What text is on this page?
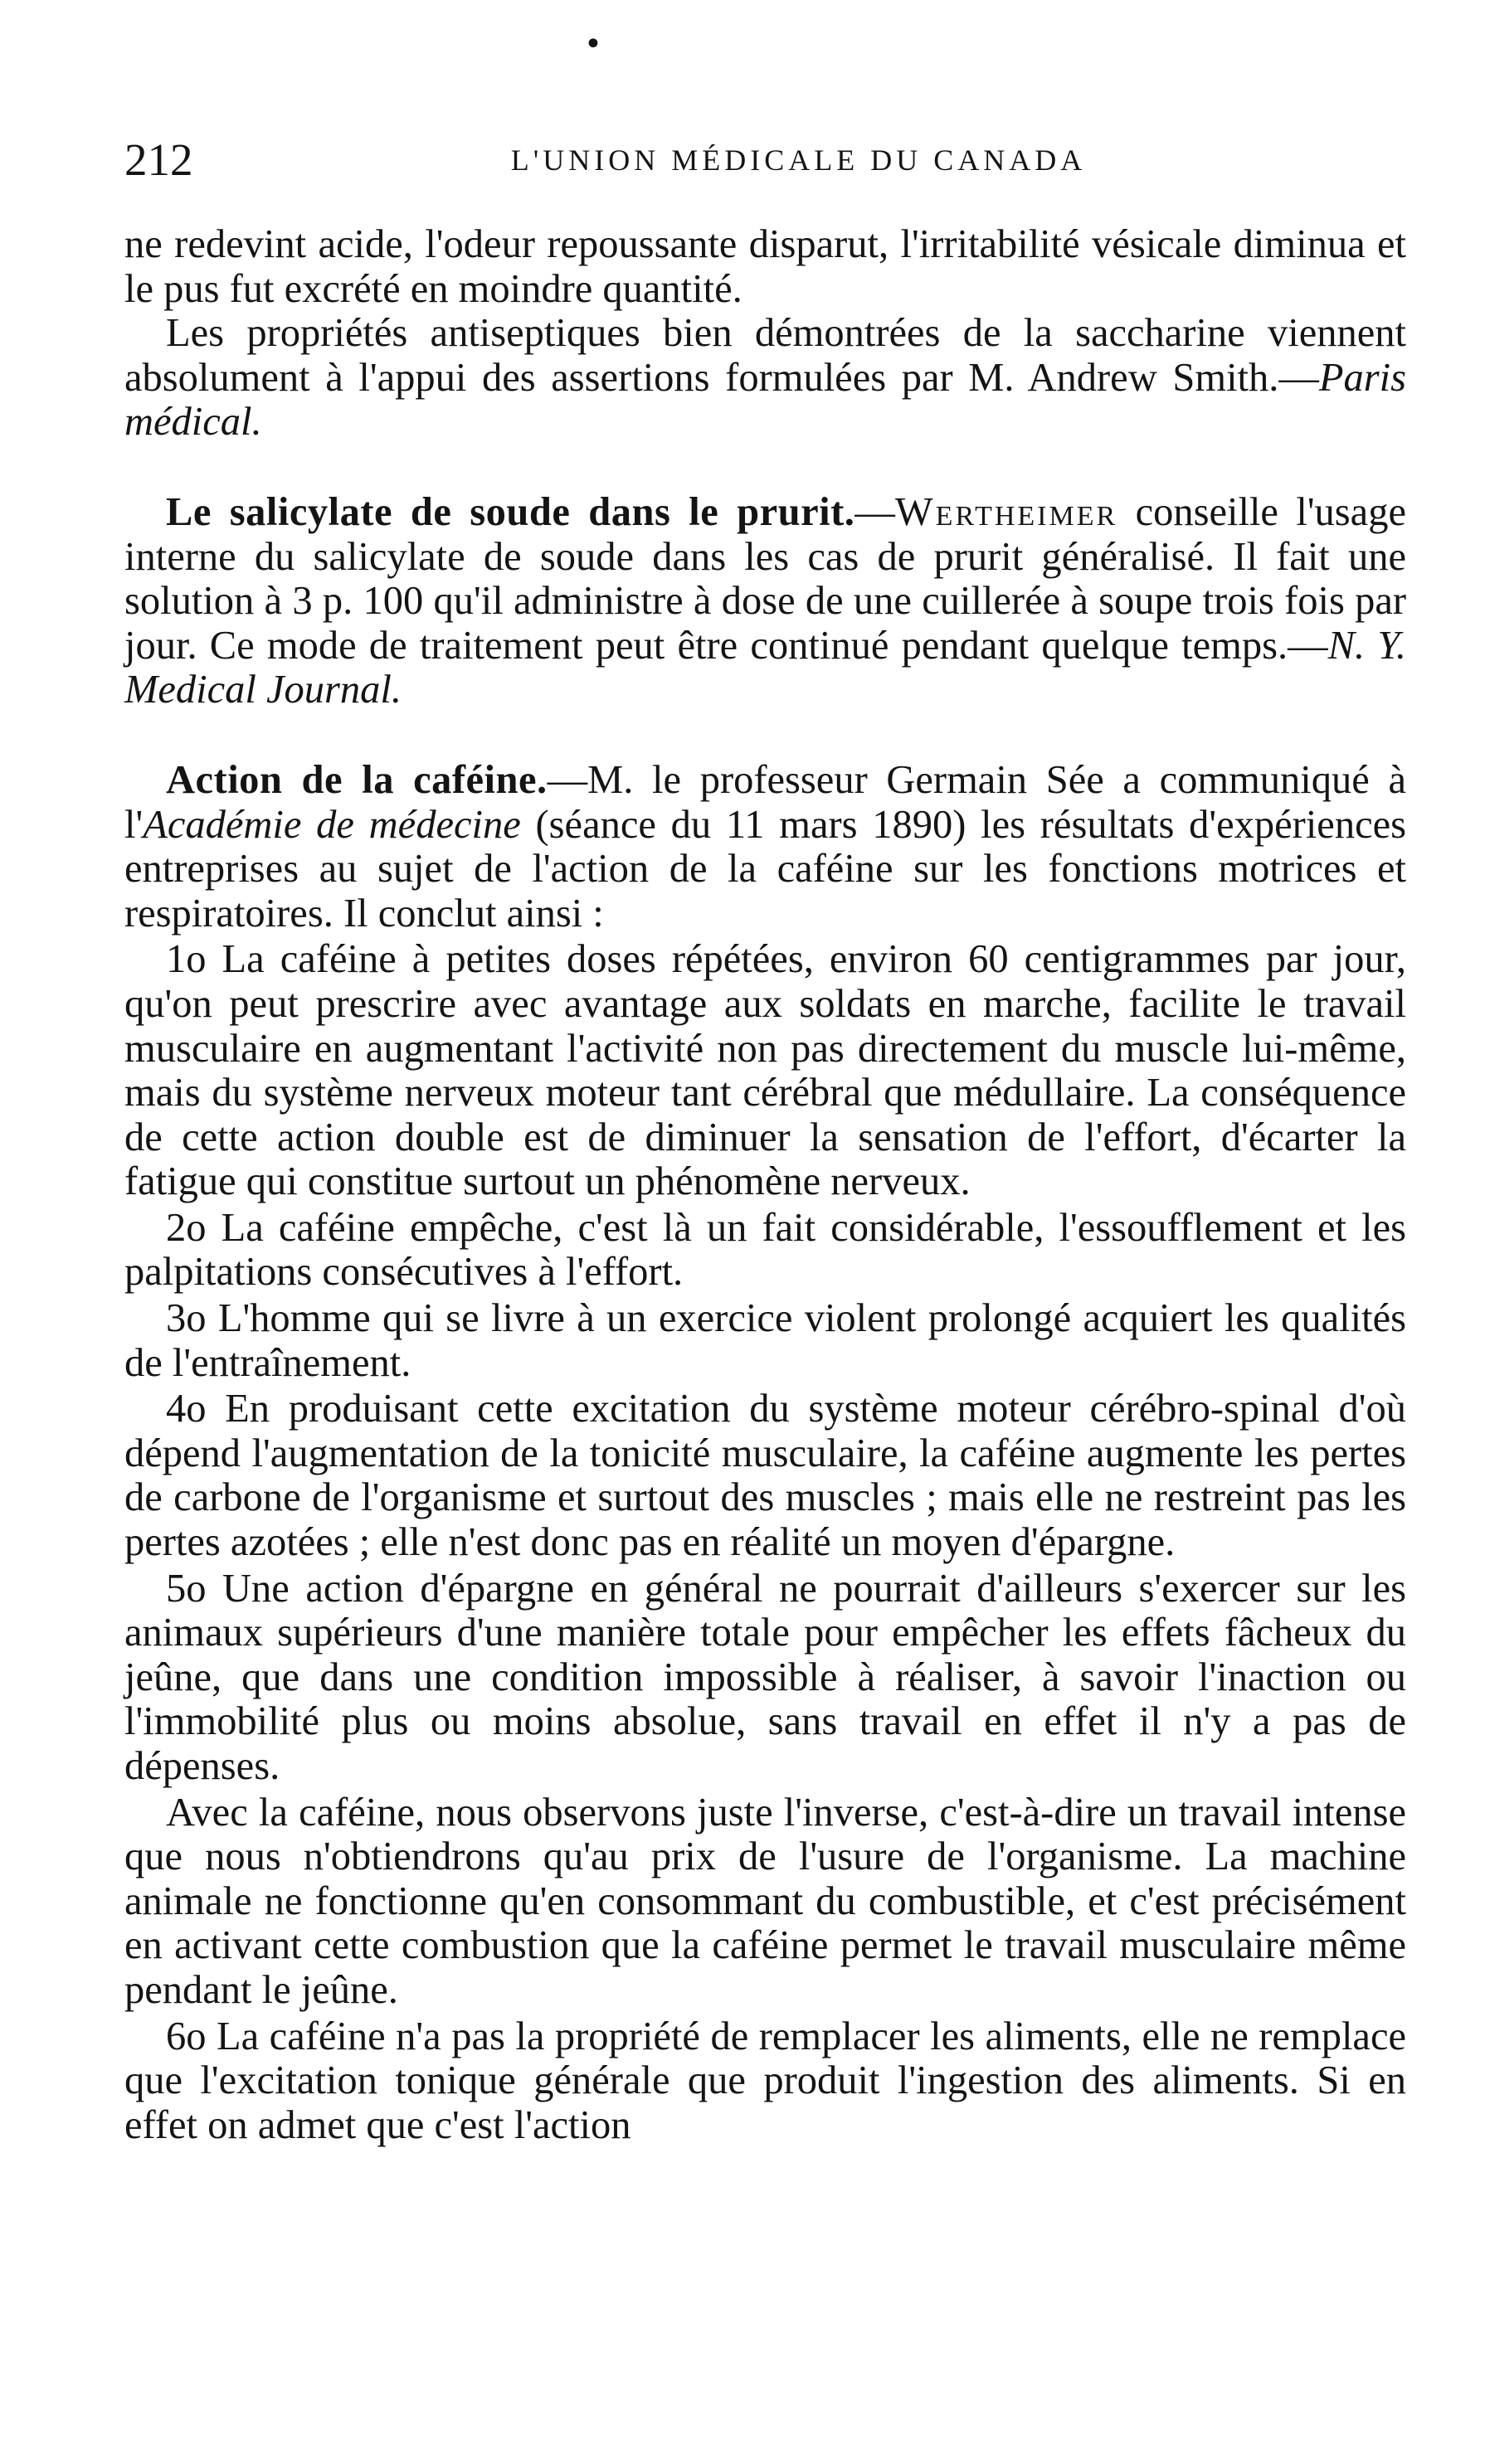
•
L'UNION MÉDICALE DU CANADA
212

ne redevint acide, l'odeur repoussante disparut, l'irritabilité vésicale diminua et le pus fut excrété en moindre quantité.

Les propriétés antiseptiques bien démontrées de la saccharine viennent absolument à l'appui des assertions formulées par M. Andrew Smith.—Paris médical.

Le salicylate de soude dans le prurit.—Wertheimer conseille l'usage interne du salicylate de soude dans les cas de prurit généralisé. Il fait une solution à 3 p. 100 qu'il administre à dose de une cuillerée à soupe trois fois par jour. Ce mode de traitement peut être continué pendant quelque temps.—N. Y. Medical Journal.

Action de la caféine.—M. le professeur Germain Sée a communiqué à l'Académie de médecine (séance du 11 mars 1890) les résultats d'expériences entreprises au sujet de l'action de la caféine sur les fonctions motrices et respiratoires. Il conclut ainsi :

1o La caféine à petites doses répétées, environ 60 centigrammes par jour, qu'on peut prescrire avec avantage aux soldats en marche, facilite le travail musculaire en augmentant l'activité non pas directement du muscle lui-même, mais du système nerveux moteur tant cérébral que médullaire. La conséquence de cette action double est de diminuer la sensation de l'effort, d'écarter la fatigue qui constitue surtout un phénomène nerveux.

2o La caféine empêche, c'est là un fait considérable, l'essoufflement et les palpitations consécutives à l'effort.

3o L'homme qui se livre à un exercice violent prolongé acquiert les qualités de l'entraînement.

4o En produisant cette excitation du système moteur cérébro-spinal d'où dépend l'augmentation de la tonicité musculaire, la caféine augmente les pertes de carbone de l'organisme et surtout des muscles ; mais elle ne restreint pas les pertes azotées ; elle n'est donc pas en réalité un moyen d'épargne.

5o Une action d'épargne en général ne pourrait d'ailleurs s'exercer sur les animaux supérieurs d'une manière totale pour empêcher les effets fâcheux du jeûne, que dans une condition impossible à réaliser, à savoir l'inaction ou l'immobilité plus ou moins absolue, sans travail en effet il n'y a pas de dépenses.

Avec la caféine, nous observons juste l'inverse, c'est-à-dire un travail intense que nous n'obtiendrons qu'au prix de l'usure de l'organisme. La machine animale ne fonctionne qu'en consommant du combustible, et c'est précisément en activant cette combustion que la caféine permet le travail musculaire même pendant le jeûne.

6o La caféine n'a pas la propriété de remplacer les aliments, elle ne remplace que l'excitation tonique générale que produit l'ingestion des aliments. Si en effet on admet que c'est l'action
